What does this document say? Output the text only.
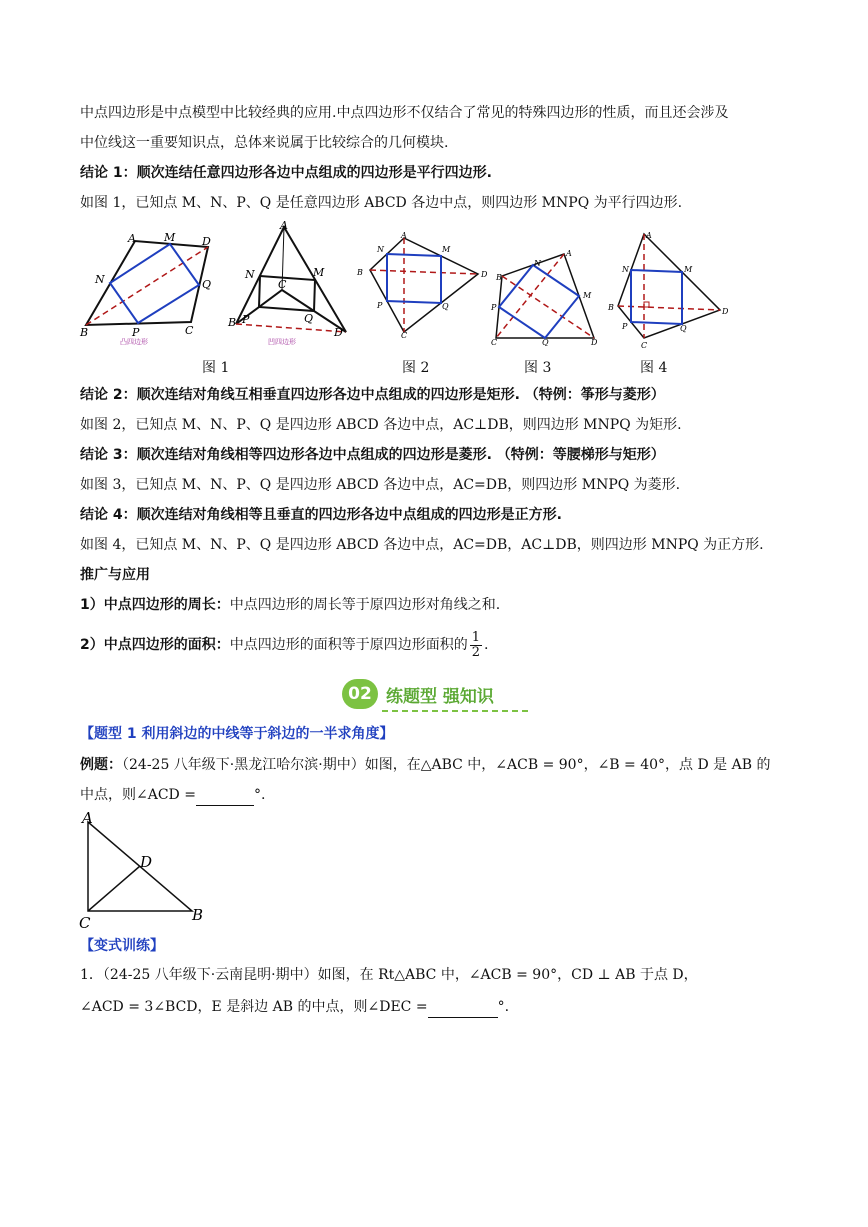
中点四边形是中点模型中比较经典的应用.中点四边形不仅结合了常见的特殊四边形的性质，而且还会涉及
中位线这一重要知识点，总体来说属于比较综合的几何模块.
结论 1：顺次连结任意四边形各边中点组成的四边形是平行四边形.
如图 1，已知点 M、N、P、Q 是任意四边形 ABCD 各边中点，则四边形 MNPQ 为平行四边形.
A	M D
N	Q
B	P	C
凸四边形
A
N	M
C
P	Q
B
D
凹四边形
A
B	D
C
N	M
P	Q
A
N
B
M
P
C	Q	D
A
N	M
B	D
P	Q
C
图 1	图 2	图 3	图 4
结论 2：顺次连结对角线互相垂直四边形各边中点组成的四边形是矩形. （特例：筝形与菱形）
如图 2，已知点 M、N、P、Q 是四边形 ABCD 各边中点，AC⊥DB，则四边形 MNPQ 为矩形.
结论 3：顺次连结对角线相等四边形各边中点组成的四边形是菱形. （特例：等腰梯形与矩形）
如图 3，已知点 M、N、P、Q 是四边形 ABCD 各边中点，AC=DB，则四边形 MNPQ 为菱形.
结论 4：顺次连结对角线相等且垂直的四边形各边中点组成的四边形是正方形.
如图 4，已知点 M、N、P、Q 是四边形 ABCD 各边中点，AC=DB，AC⊥DB，则四边形 MNPQ 为正方形.
推广与应用
1）中点四边形的周长：中点四边形的周长等于原四边形对角线之和.
2）中点四边形的面积：中点四边形的面积等于原四边形面积的 $\frac{1}{2}$ .
02 练题型 强知识
【题型 1 利用斜边的中线等于斜边的一半求角度】
例题：（24-25 八年级下·黑龙江哈尔滨·期中）如图，在△ABC 中，∠ACB = 90°，∠B = 40°，点 D 是 AB 的
中点，则∠ACD =	°.
A
D
C	B
【变式训练】
1．（24-25 八年级下·云南昆明·期中）如图，在 Rt△ABC 中，∠ACB = 90°，CD ⊥ AB 于点 D，
∠ACD = 3∠BCD，E 是斜边 AB 的中点，则∠DEC =	°.
